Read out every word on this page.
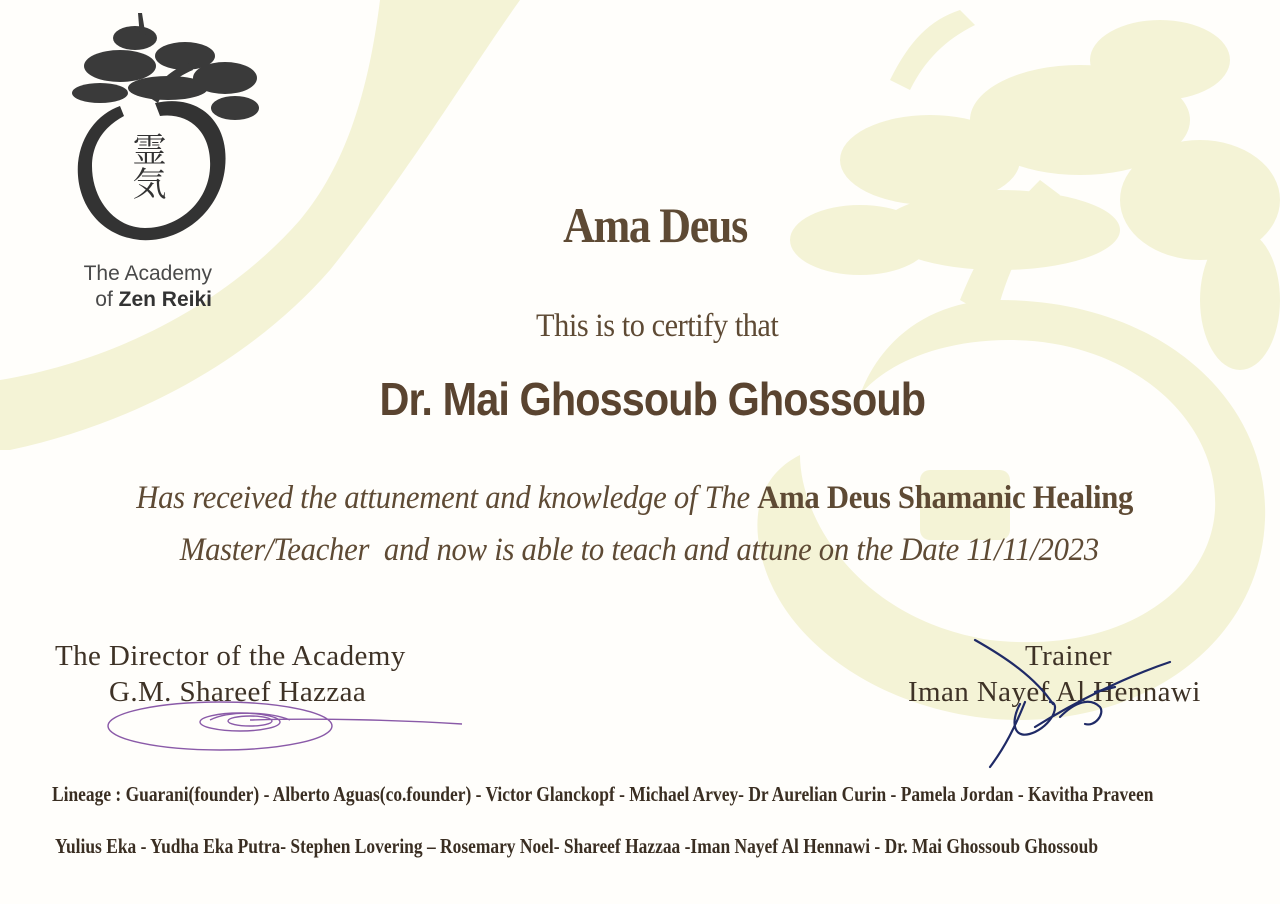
霊気
The Academy
of Zen Reiki
Ama Deus
This is to certify that
Dr. Mai Ghossoub Ghossoub
Has received the attunement and knowledge of The Ama Deus Shamanic Healing
Master/Teacher  and now is able to teach and attune on the Date 11/11/2023
The Director of the Academy
G.M. Shareef Hazzaa
Trainer
Iman Nayef Al Hennawi
Lineage : Guarani(founder) - Alberto Aguas(co.founder) - Victor Glanckopf - Michael Arvey- Dr Aurelian Curin - Pamela Jordan - Kavitha Praveen
Yulius Eka - Yudha Eka Putra- Stephen Lovering – Rosemary Noel- Shareef Hazzaa -Iman Nayef Al Hennawi - Dr. Mai Ghossoub Ghossoub
